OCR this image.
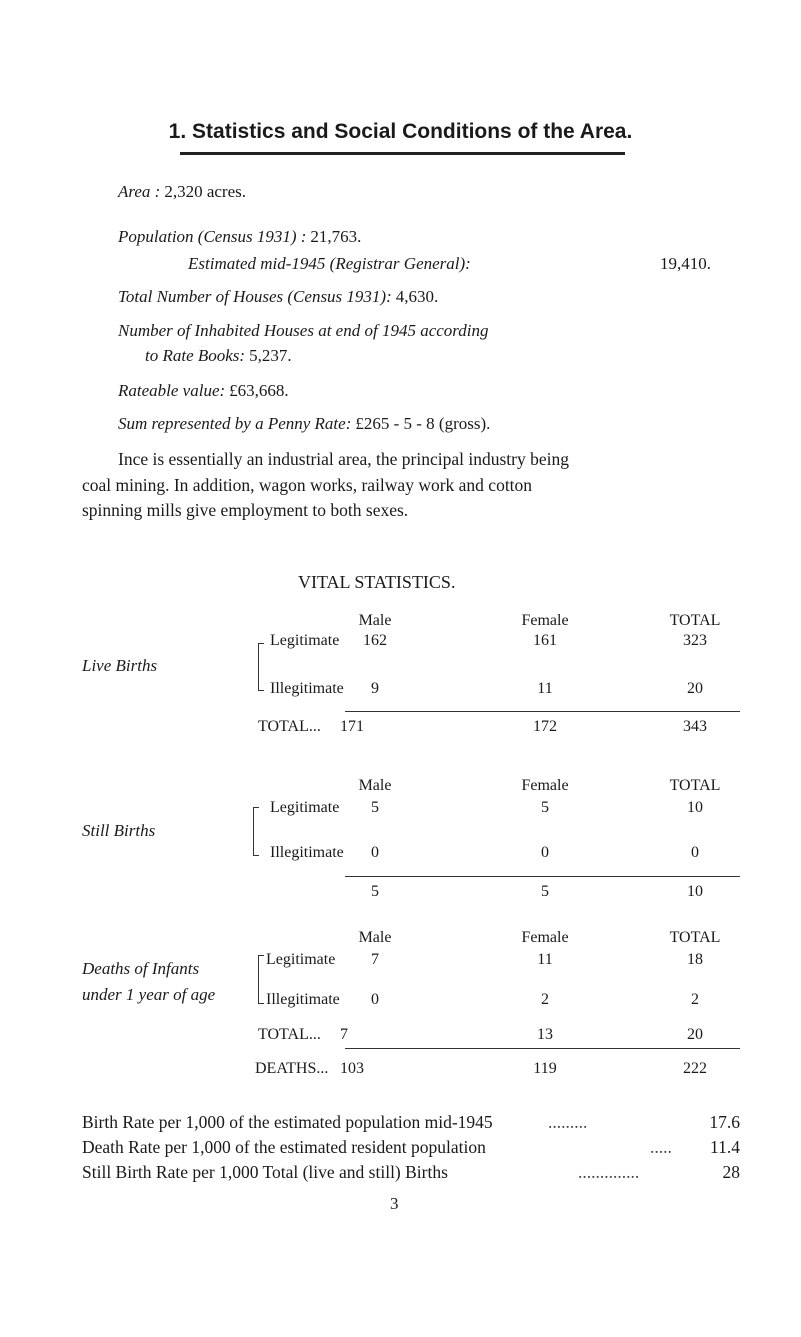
1. Statistics and Social Conditions of the Area.
Area : 2,320 acres.
Population (Census 1931) : 21,763.
Estimated mid-1945 (Registrar General):	19,410.
Total Number of Houses (Census 1931): 4,630.
Number of Inhabited Houses at end of 1945 according
to Rate Books: 5,237.
Rateable value: £63,668.
Sum represented by a Penny Rate: £265 - 5 - 8 (gross).
Ince is essentially an industrial area, the principal industry being
coal mining. In addition, wagon works, railway work and cotton
spinning mills give employment to both sexes.
VITAL STATISTICS.
Male	Female	TOTAL
Live Births
Legitimate	162	161	323
Illegitimate	9	11	20
TOTAL... 171	172	343
Male	Female	TOTAL
Still Births
Legitimate	5	5	10
Illegitimate	0	0	0
5	5	10
Male	Female	TOTAL
Deaths of Infants
under 1 year of age
Legitimate	7	11	18
Illegitimate	0	2	2
TOTAL... 7	13	20
DEATHS... 103	119	222
Birth Rate per 1,000 of the estimated population mid-1945	.........	17.6
Death Rate per 1,000 of the estimated resident population	.....	11.4
Still Birth Rate per 1,000 Total (live and still) Births	..............	28
3
